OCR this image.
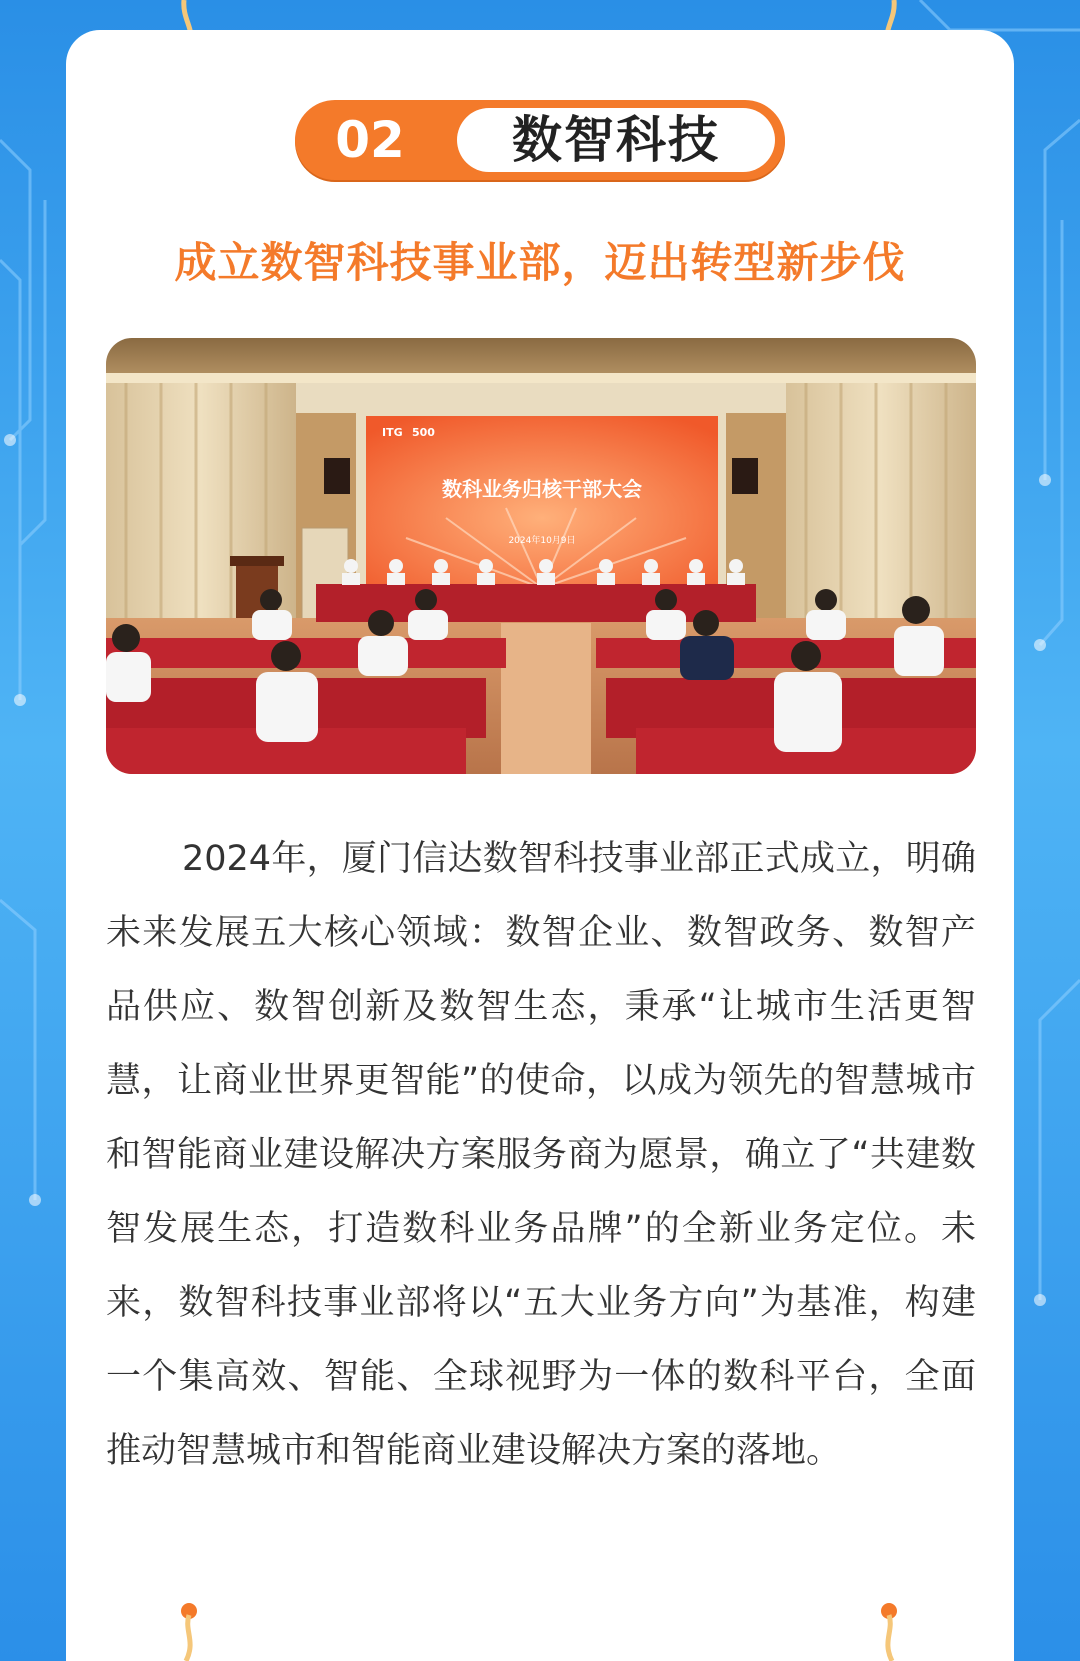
02	数智科技
成立数智科技事业部，迈出转型新步伐
ITG 500
数科业务归核干部大会
2024年10月9日
2024年，厦门信达数智科技事业部正式成立，明确未来发展五大核心领域：数智企业、数智政务、数智产品供应、数智创新及数智生态，秉承“让城市生活更智慧，让商业世界更智能”的使命，以成为领先的智慧城市和智能商业建设解决方案服务商为愿景，确立了“共建数智发展生态，打造数科业务品牌”的全新业务定位。未来，数智科技事业部将以“五大业务方向”为基准，构建一个集高效、智能、全球视野为一体的数科平台，全面推动智慧城市和智能商业建设解决方案的落地。
